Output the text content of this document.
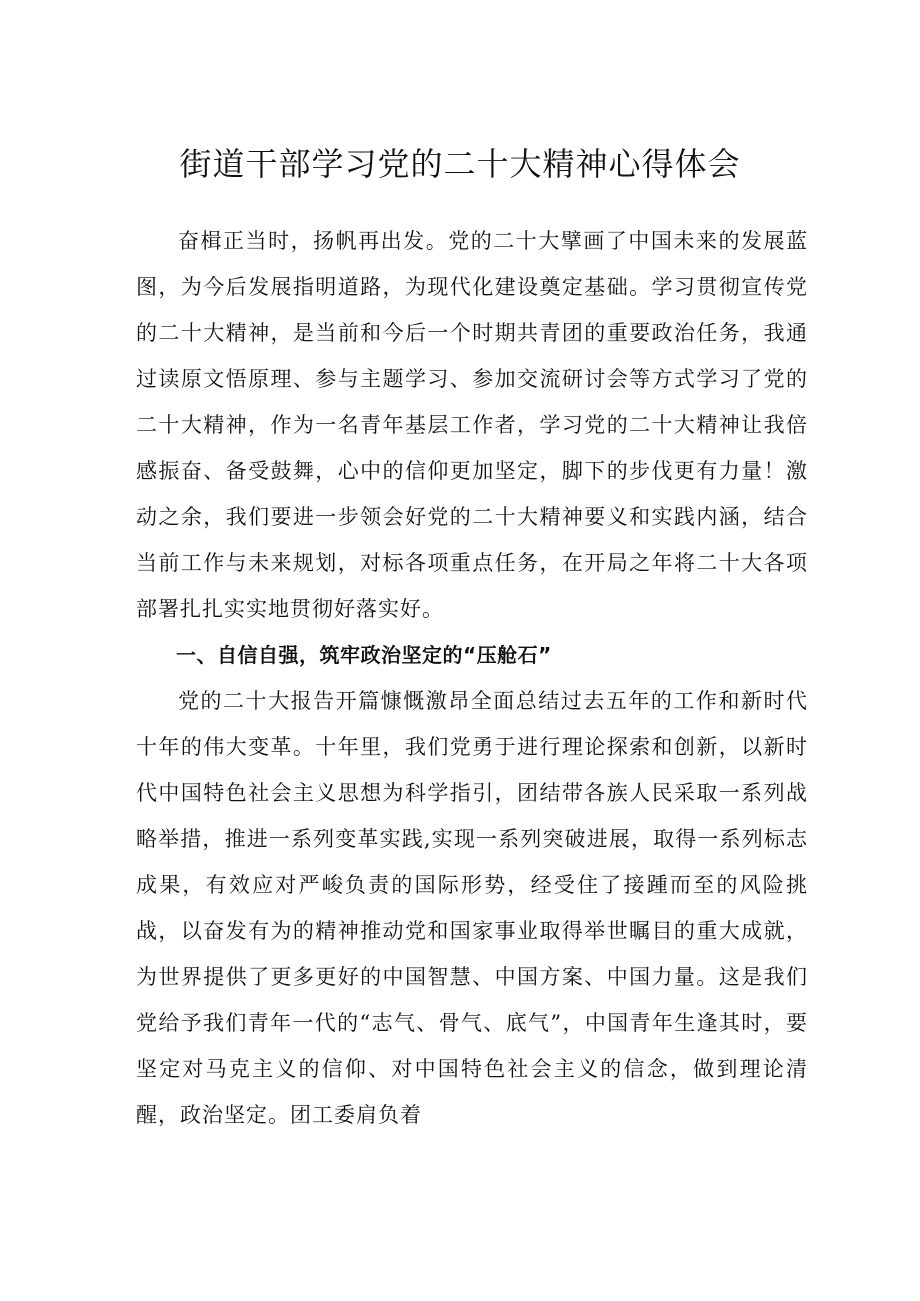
街道干部学习党的二十大精神心得体会

奋楫正当时，扬帆再出发。党的二十大擘画了中国未来的发展蓝图，为今后发展指明道路，为现代化建设奠定基础。学习贯彻宣传党的二十大精神，是当前和今后一个时期共青团的重要政治任务，我通过读原文悟原理、参与主题学习、参加交流研讨会等方式学习了党的二十大精神，作为一名青年基层工作者，学习党的二十大精神让我倍感振奋、备受鼓舞，心中的信仰更加坚定，脚下的步伐更有力量！激动之余，我们要进一步领会好党的二十大精神要义和实践内涵，结合当前工作与未来规划，对标各项重点任务，在开局之年将二十大各项部署扎扎实实地贯彻好落实好。

一、自信自强，筑牢政治坚定的“压舱石”

党的二十大报告开篇慷慨激昂全面总结过去五年的工作和新时代十年的伟大变革。十年里，我们党勇于进行理论探索和创新，以新时代中国特色社会主义思想为科学指引，团结带各族人民采取一系列战略举措，推进一系列变革实践,实现一系列突破进展，取得一系列标志成果，有效应对严峻负责的国际形势，经受住了接踵而至的风险挑战，以奋发有为的精神推动党和国家事业取得举世瞩目的重大成就，为世界提供了更多更好的中国智慧、中国方案、中国力量。这是我们党给予我们青年一代的“志气、骨气、底气”，中国青年生逢其时，要坚定对马克主义的信仰、对中国特色社会主义的信念，做到理论清醒，政治坚定。团工委肩负着
